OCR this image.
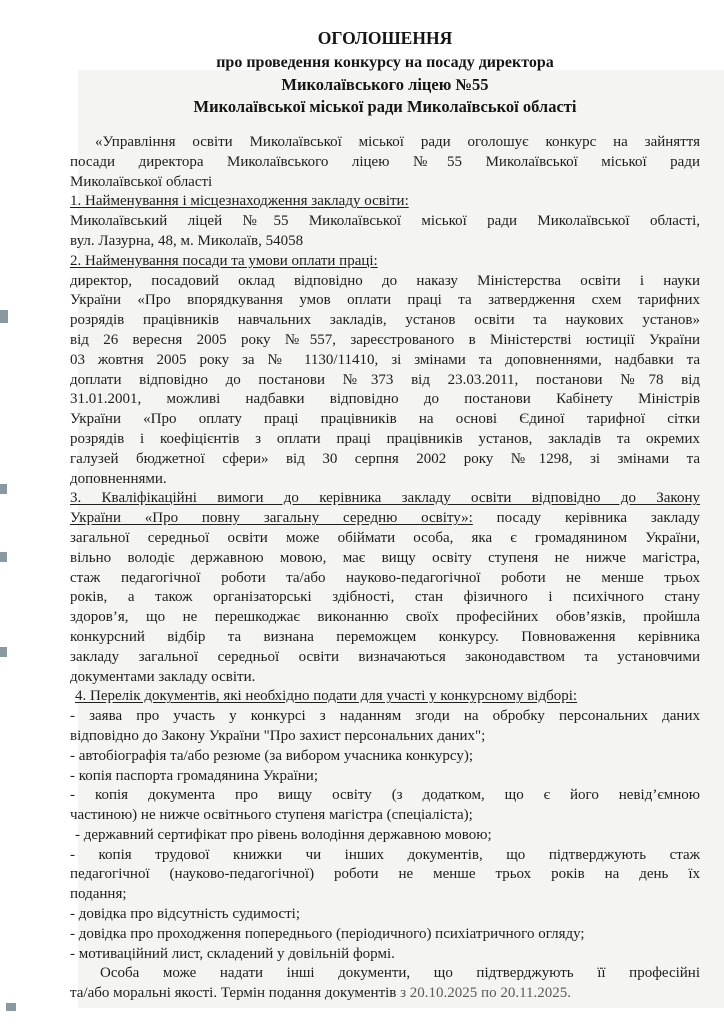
ОГОЛОШЕННЯ
про проведення конкурсу на посаду директора
Миколаївського ліцею №55
Миколаївської міської ради Миколаївської області
«Управління освіти Миколаївської міської ради оголошує конкурс на зайняття
посади директора Миколаївського ліцею №55 Миколаївської міської ради
Миколаївської області
1. Найменування і місцезнаходження закладу освіти:
Миколаївський ліцей №55 Миколаївської міської ради Миколаївської області,
вул. Лазурна, 48, м. Миколаїв, 54058
2. Найменування посади та умови оплати праці:
директор, посадовий оклад відповідно до наказу Міністерства освіти і науки
України «Про впорядкування умов оплати праці та затвердження схем тарифних
розрядів працівників навчальних закладів, установ освіти та наукових установ»
від 26 вересня 2005 року №557, зареєстрованого в Міністерстві юстиції України
03 жовтня 2005 року за № 1130/11410, зі змінами та доповненнями, надбавки та
доплати відповідно до постанови №373 від 23.03.2011, постанови №78 від
31.01.2001, можливі надбавки відповідно до постанови Кабінету Міністрів
України «Про оплату праці працівників на основі Єдиної тарифної сітки
розрядів і коефіцієнтів з оплати праці працівників установ, закладів та окремих
галузей бюджетної сфери» від 30 серпня 2002 року №1298, зі змінами та
доповненнями.
3. Кваліфікаційні вимоги до керівника закладу освіти відповідно до Закону
України «Про повну загальну середню освіту»: посаду керівника закладу
загальної середньої освіти може обіймати особа, яка є громадянином України,
вільно володіє державною мовою, має вищу освіту ступеня не нижче магістра,
стаж педагогічної роботи та/або науково-педагогічної роботи не менше трьох
років, а також організаторські здібності, стан фізичного і психічного стану
здоров’я, що не перешкоджає виконанню своїх професійних обов’язків, пройшла
конкурсний відбір та визнана переможцем конкурсу. Повноваження керівника
закладу загальної середньої освіти визначаються законодавством та установчими
документами закладу освіти.
4. Перелік документів, які необхідно подати для участі у конкурсному відборі:
- заява про участь у конкурсі з наданням згоди на обробку персональних даних
відповідно до Закону України "Про захист персональних даних";
- автобіографія та/або резюме (за вибором учасника конкурсу);
- копія паспорта громадянина України;
- копія документа про вищу освіту (з додатком, що є його невід’ємною
частиною) не нижче освітнього ступеня магістра (спеціаліста);
- державний сертифікат про рівень володіння державною мовою;
- копія трудової книжки чи інших документів, що підтверджують стаж
педагогічної (науково-педагогічної) роботи не менше трьох років на день їх
подання;
- довідка про відсутність судимості;
- довідка про проходження попереднього (періодичного) психіатричного огляду;
- мотиваційний лист, складений у довільній формі.
Особа може надати інші документи, що підтверджують її професійні
та/або моральні якості. Термін подання документів з 20.10.2025 по 20.11.2025.
